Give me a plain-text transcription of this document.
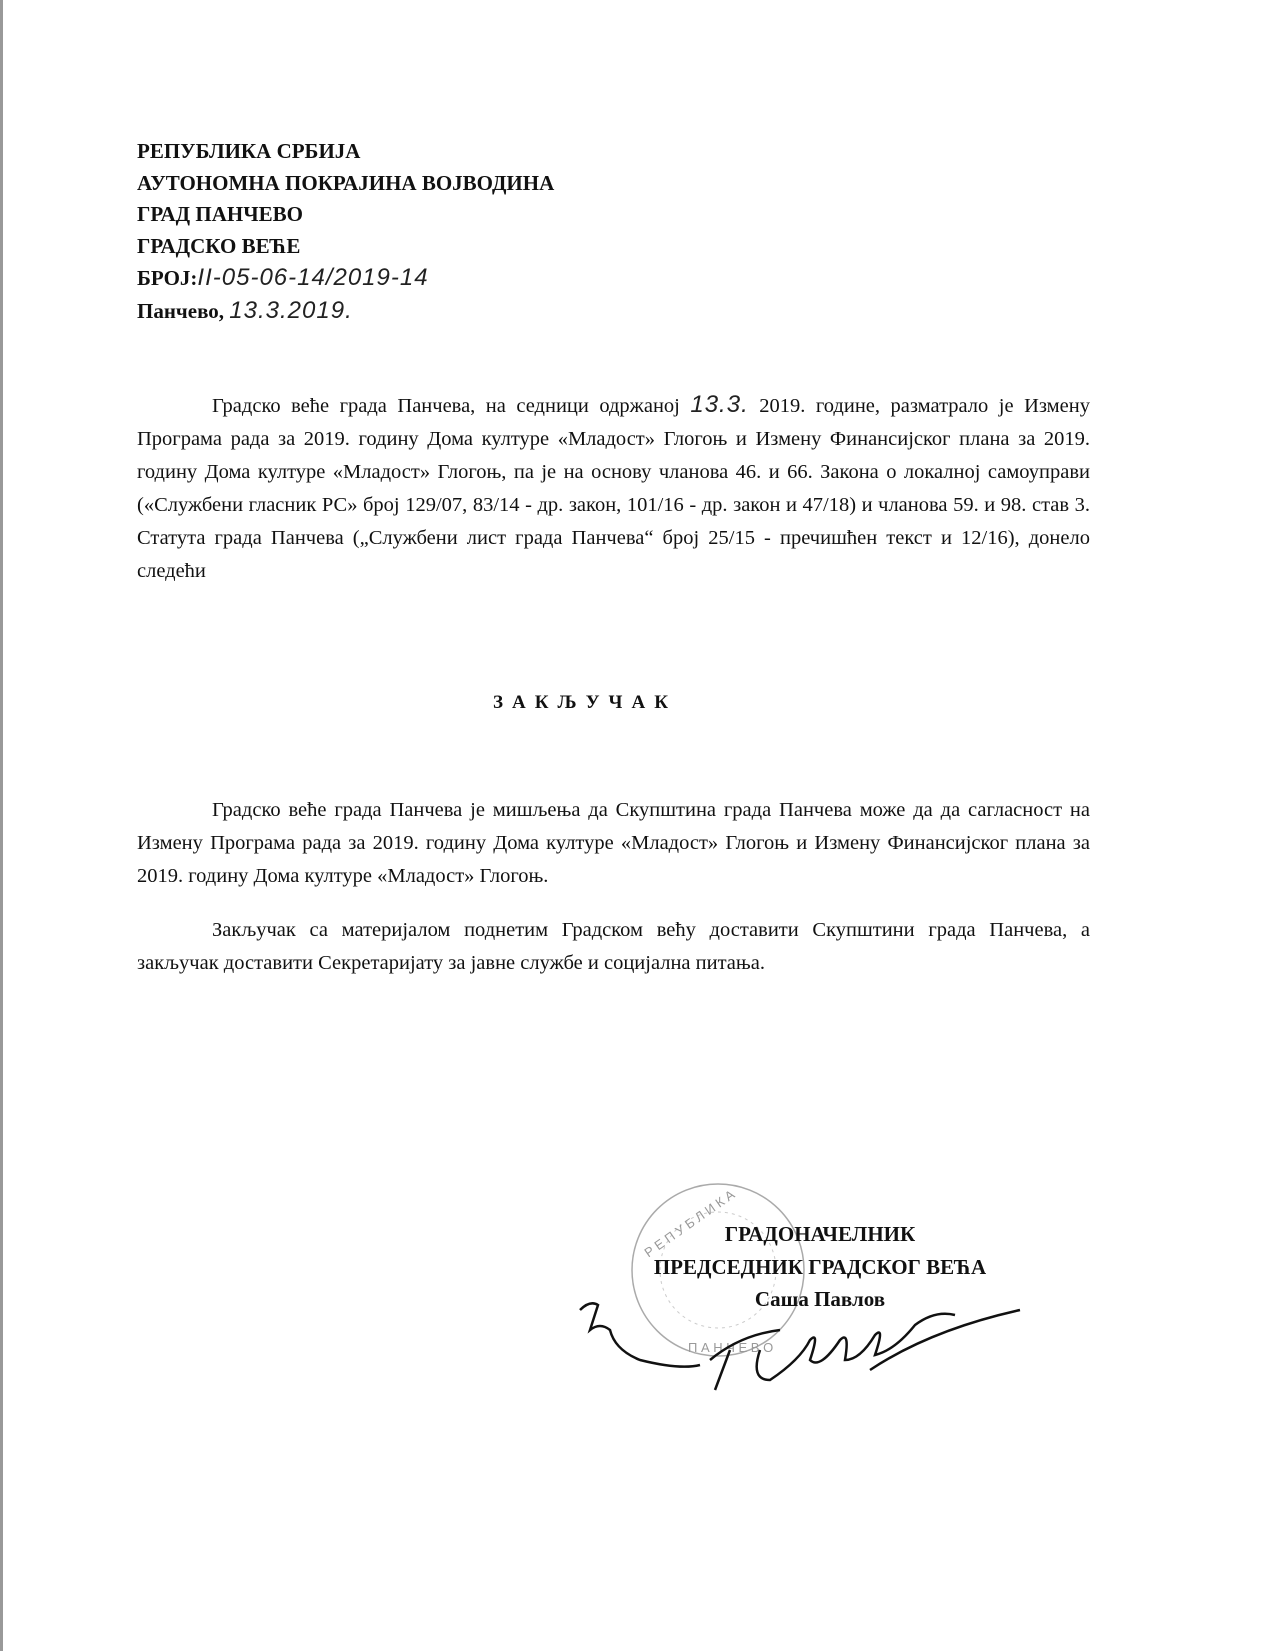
РЕПУБЛИКА СРБИЈА
АУТОНОМНА ПОКРАЈИНА ВОЈВОДИНА
ГРАД ПАНЧЕВО
ГРАДСКО ВЕЋЕ
БРОЈ:II-05-06-14/2019-14
Панчево, 13.3.2019.
Градско веће града Панчева, на седници одржаној 13.3. 2019. године, разматрало је Измену Програма рада за 2019. годину Дома културе «Младост» Глогоњ и Измену Финансијског плана за 2019. годину Дома културе «Младост» Глогоњ, па је на основу чланова 46. и 66. Закона о локалној самоуправи («Службени гласник РС» број 129/07, 83/14 - др. закон, 101/16 - др. закон и 47/18) и чланова 59. и 98. став 3. Статута града Панчева („Службени лист града Панчева“ број 25/15 - пречишћен текст и 12/16), донело следећи
ЗАКЉУЧАК
Градско веће града Панчева је мишљења да Скупштина града Панчева може да да сагласност на Измену Програма рада за 2019. годину Дома културе «Младост» Глогоњ и Измену Финансијског плана за 2019. годину Дома културе «Младост» Глогоњ.
Закључак са материјалом поднетим Градском већу доставити Скупштини града Панчева, а закључак доставити Секретаријату за јавне службе и социјална питања.
Р Е П У Б Л И К А
П А Н Ч Е В О
ГРАДОНАЧЕЛНИК
ПРЕДСЕДНИК ГРАДСКОГ ВЕЋА
Саша Павлов
